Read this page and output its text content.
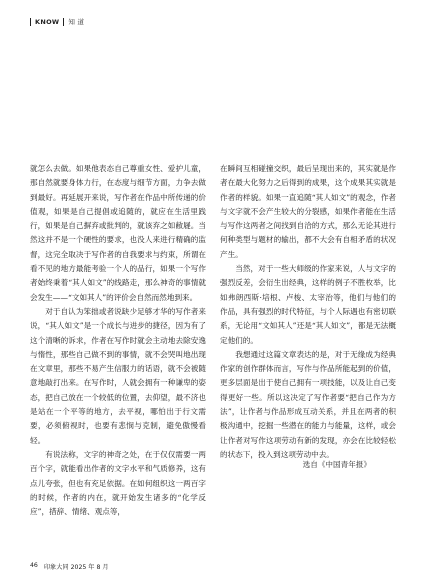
KNOW 知 道

就怎么去做。如果他表态自己尊重女性、爱护儿童，那自然就要身体力行，在态度与细节方面，力争去做到最好。再延展开来说，写作者在作品中所传递的价值观，如果是自己提倡或追随的，就应在生活里践行，如果是自己摒弃或批判的，就该弃之如敝屣。当然这并不是一个硬性的要求，也没人来进行精确的监督，这完全取决于写作者的自我要求与约束，所谓在看不见的地方最能考验一个人的品行，如果一个写作者始终秉着“其人如文”的线路走，那么神奇的事情就会发生——“文如其人”的评价会自然而然地到来。

对于自认为笨拙或者说缺少足够才华的写作者来说，“其人如文”是一个成长与进步的捷径，因为有了这个清晰的诉求，作者在写作时就会主动地去除安逸与惰性，那些自己做不到的事情，就不会哭叫地出现在文章里，那些不易产生信服力的话语，就不会被随意地敲打出来。在写作时，人就会拥有一种谦卑的姿态，把自己放在一个较低的位置，去仰望，最不济也是站在一个平等的地方，去平视，哪怕出于行文需要，必须俯视时，也要有悲悯与克制，避免傲慢看轻。

有说法称，文字的神奇之处，在于仅仅需要一两百个字，就能看出作者的文字水平和气质修养，这有点儿夸张，但也有充足依据。在如何组织这一两百字的时候，作者的内在，就开始发生诸多的“化学反应”，措辞、情绪、观点等，

在瞬间互相碰撞交织，最后呈现出来的，其实就是作者在最大化努力之后得到的成果，这个成果其实就是作者的样貌。如果一直追随“其人如文”的观念，作者与文字就不会产生较大的分裂感，如果作者能在生活与写作这两者之间找到自洽的方式，那么无论其进行何种类型与题材的输出，都不大会有自相矛盾的状况产生。

当然，对于一些大师级的作家来说，人与文字的强烈反差，会衍生出经典，这样的例子不胜枚举，比如弗朗西斯·培根、卢梭、太宰治等，他们与他们的作品，具有强烈的时代特征，与个人际遇也有密切联系，无论用“文如其人”还是“其人如文”，都是无法概定他们的。

我想通过这篇文章表达的是，对于无缘成为经典作家的创作群体而言，写作与作品所能起到的价值，更多层面是出于使自己拥有一项技能，以及让自己变得更好一些。所以这决定了写作者要“把自己作为方法”，让作者与作品形成互动关系，并且在两者的积极沟通中，挖掘一些潜在的能力与能量，这样，或会让作者对写作这项劳动有新的发现，亦会在比较轻松的状态下，投入到这项劳动中去。

选自《中国青年报》
46 印象大同 2025 年 8 月
